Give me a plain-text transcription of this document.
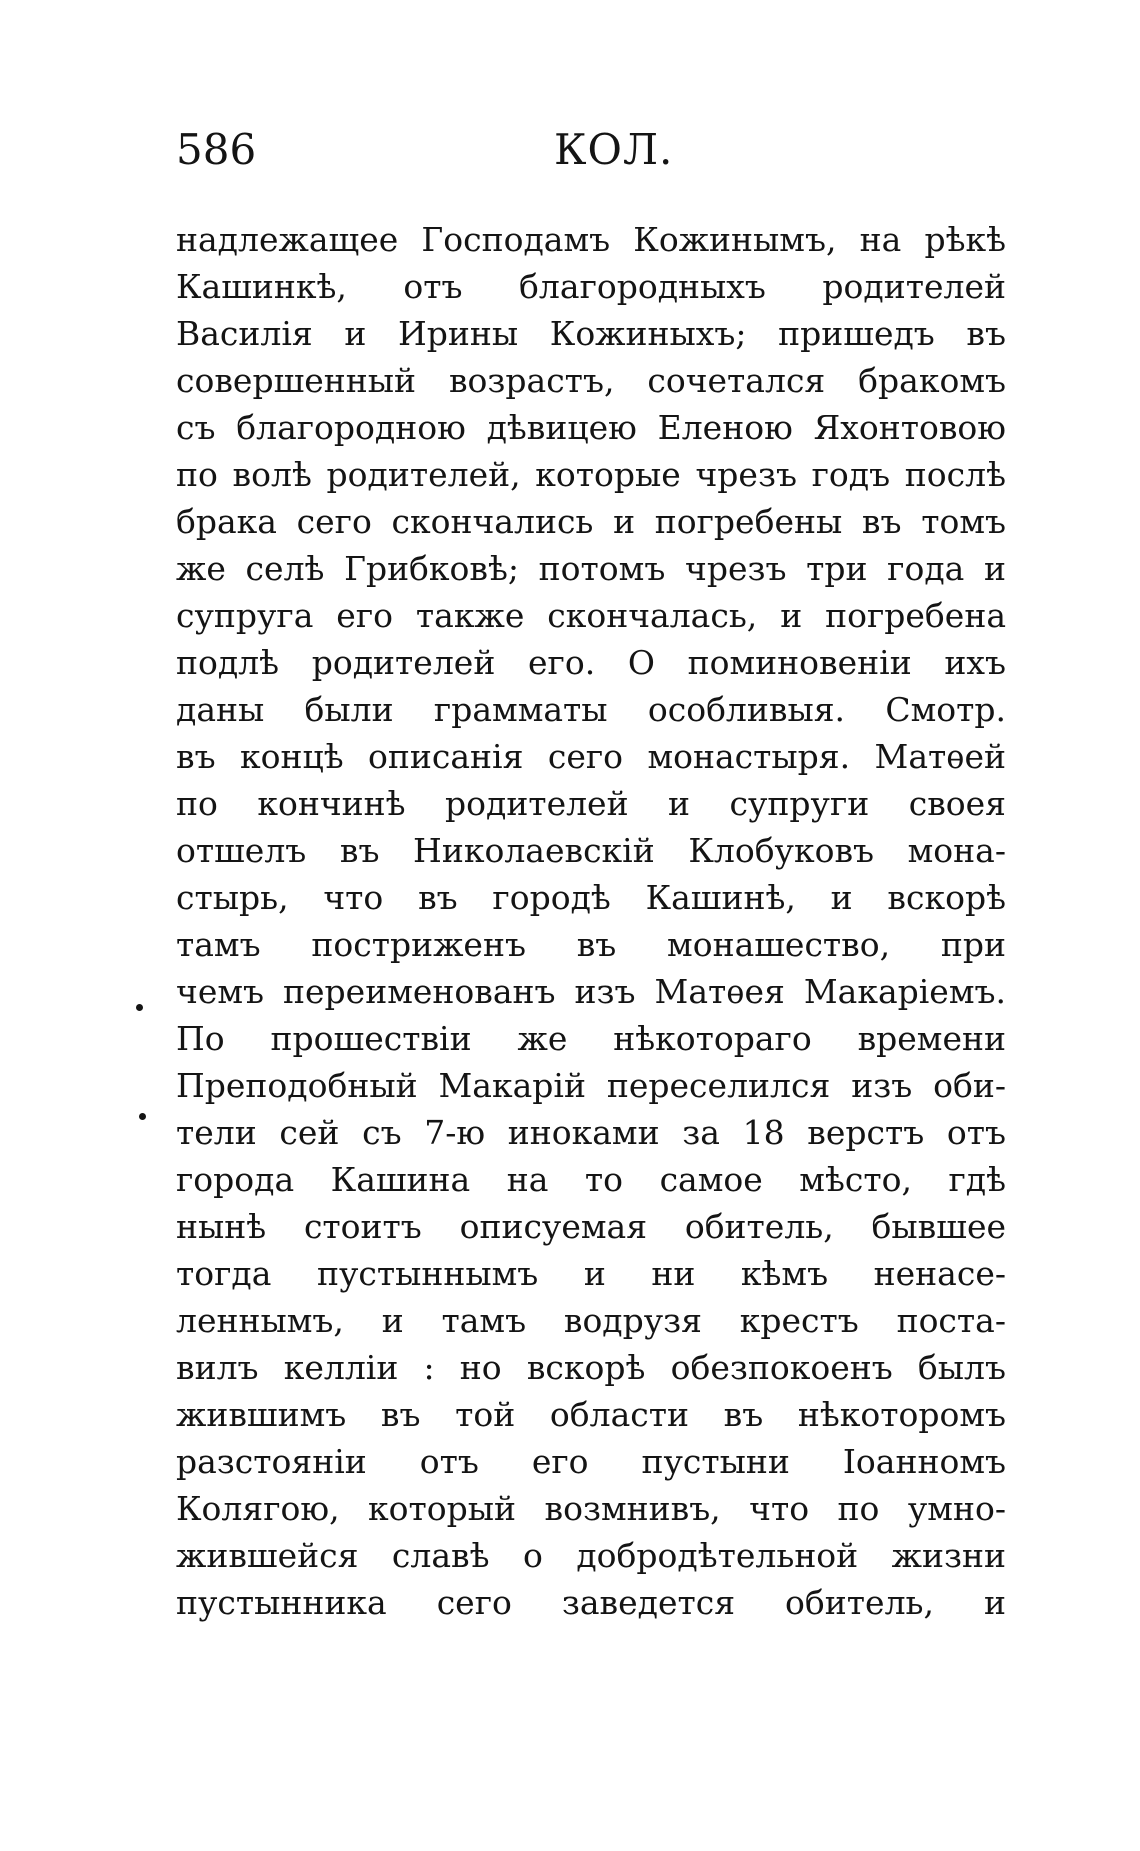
586	КОЛ.
надлежащее Господамъ Кожинымъ, на рѣкѣ
Кашинкѣ, отъ благородныхъ родителей
Василія и Ирины Кожиныхъ; пришедъ въ
совершенный возрастъ, сочетался бракомъ
съ благородною дѣвицею Еленою Яхонтовою
по волѣ родителей, которые чрезъ годъ послѣ
брака сего скончались и погребены въ томъ
же селѣ Грибковѣ; потомъ чрезъ три года и
супруга его также скончалась, и погребена
подлѣ родителей его. О поминовеніи ихъ
даны были грамматы особливыя. Смотр.
въ концѣ описанія сего монастыря. Матѳей
по кончинѣ родителей и супруги своея
отшелъ въ Николаевскій Клобуковъ мона-
стырь, что въ городѣ Кашинѣ, и вскорѣ
тамъ постриженъ въ монашество, при
чемъ переименованъ изъ Матѳея Макаріемъ.
По прошествіи же нѣкотораго времени
Преподобный Макарій переселился изъ оби-
тели сей съ 7-ю иноками за 18 верстъ отъ
города Кашина на то самое мѣсто, гдѣ
нынѣ стоитъ описуемая обитель, бывшее
тогда пустыннымъ и ни кѣмъ ненасе-
леннымъ, и тамъ водрузя крестъ поста-
вилъ келліи : но вскорѣ обезпокоенъ былъ
жившимъ въ той области въ нѣкоторомъ
разстояніи отъ его пустыни Іоанномъ
Колягою, который возмнивъ, что по умно-
жившейся славѣ о добродѣтельной жизни
пустынника сего заведется обитель, и
